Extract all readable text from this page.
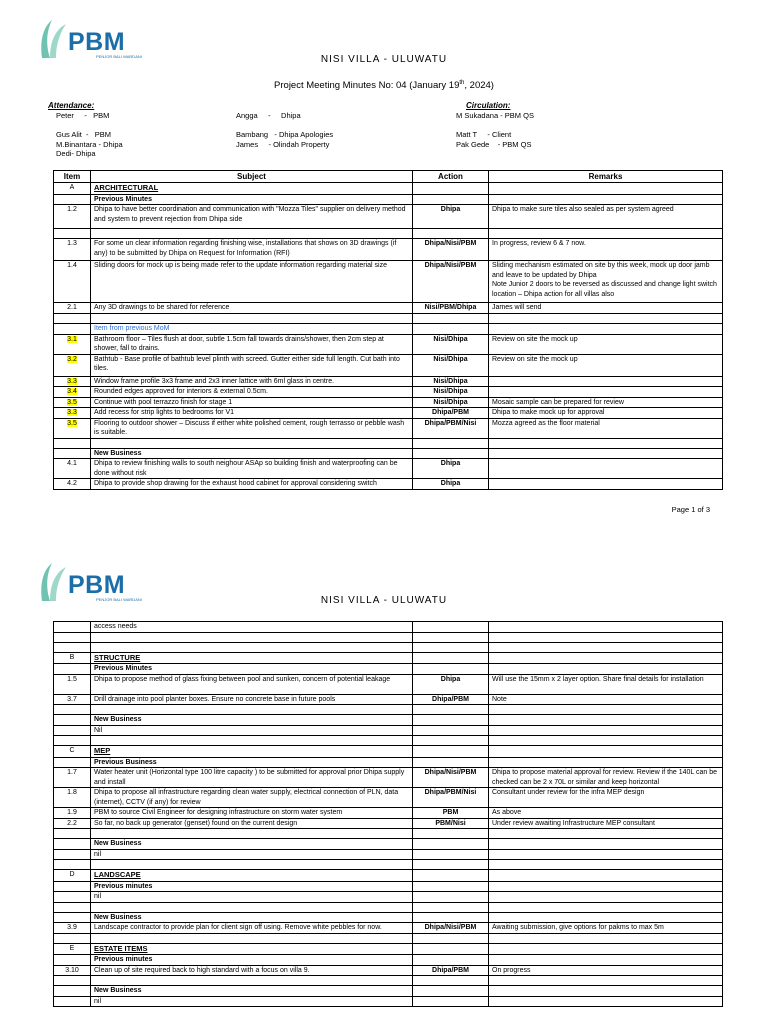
PBM
PENJOR BALI WARDANI	NISI VILLA - ULUWATU
Project Meeting Minutes No: 04 (January 19th, 2024)
Attendance:
Peter     -   PBM

Gus Alit  -   PBM
M.Binantara - Dhipa
Dedi- Dhipa
Angga     -     Dhipa

Bambang   - Dhipa Apologies
James     - Olindah Property
Circulation:
M Sukadana - PBM QS

Matt T     - Client
Pak Gede    - PBM QS
Item	Subject	Action	Remarks
A	ARCHITECTURAL		
	Previous Minutes		
1.2	Dhipa to have better coordination and communication with "Mozza Tiles" supplier on delivery method and system to prevent rejection from Dhipa side	Dhipa	Dhipa to make sure tiles also sealed as per system agreed

1.3	For some un clear information regarding finishing wise, installations that shows on 3D drawings (if any) to be submitted by Dhipa on Request for Information (RFI)	Dhipa/Nisi/PBM	In progress, review 6 & 7 now.
1.4	Sliding doors for mock up is being made refer to the update information regarding material size	Dhipa/Nisi/PBM	Sliding mechanism estimated on site by this week, mock up door jamb and leave to be updated by Dhipa
Note Junior 2 doors to be reversed as discussed and change light switch location – Dhipa action for all villas also
2.1	Any 3D drawings to be shared for reference	Nisi/PBM/Dhipa	James will send

	Item from previous MoM		
3.1	Bathroom floor – Tiles flush at door, subtle 1.5cm fall towards drains/shower, then 2cm step at shower, fall to drains.	Nisi/Dhipa	Review on site the mock up
3.2	Bathtub - Base profile of bathtub level plinth with screed. Gutter either side full length. Cut bath into tiles.	Nisi/Dhipa	Review on site the mock up
3.3	Window frame profile 3x3 frame and 2x3 inner lattice with 6ml glass in centre.	Nisi/Dhipa	
3.4	Rounded edges approved for interiors & external 0.5cm.	Nisi/Dhipa	
3.5	Continue with pool terrazzo finish for stage 1	Nisi/Dhipa	Mosaic sample can be prepared for review
3.3	Add recess for strip lights to bedrooms for V1	Dhipa/PBM	Dhipa to make mock up for approval
3.5	Flooring to outdoor shower – Discuss if either white polished cement, rough terrasso or pebble wash is suitable.	Dhipa/PBM/Nisi	Mozza agreed as the floor material

	New Business		
4.1	Dhipa to review finishing walls to south neighour ASAp so building finish and waterproofing can be done without risk	Dhipa	
4.2	Dhipa to provide shop drawing for the exhaust hood cabinet for approval considering switch	Dhipa	
Page 1 of 3
PBM
PENJOR BALI WARDANI	NISI VILLA - ULUWATU
	access needs		

B	STRUCTURE		
	Previous Minutes		
1.5	Dhipa to propose method of glass fixing between pool and sunken, concern of potential leakage	Dhipa	Will use the 15mm x 2 layer option. Share final details for installation
3.7	Drill drainage into pool planter boxes. Ensure no concrete base in future pools	Dhipa/PBM	Note

	New Business		
	Nil		

C	MEP		
	Previous Business		
1.7	Water heater unit (Horizontal type 100 litre capacity ) to be submitted for approval prior Dhipa supply and install	Dhipa/Nisi/PBM	Dhipa to propose material approval for review. Review if the 140L can be checked can be 2 x 70L or similar and keep horizontal
1.8	Dhipa to propose all infrastructure regarding clean water supply, electrical connection of PLN, data (internet), CCTV (if any) for review	Dhipa/PBM/Nisi	Consultant under review for the infra MEP design
1.9	PBM to source Civil Engineer for designing infrastructure on storm water system	PBM	As above
2.2	So far, no back up generator (genset) found on the current design	PBM/Nisi	Under review awaiting Infrastructure MEP consultant

	New Business		
	nil		

D	LANDSCAPE		
	Previous minutes		
	nil		

	New Business		
3.9	Landscape contractor to provide plan for client sign off using. Remove white pebbles for now.	Dhipa/Nisi/PBM	Awaiting submission, give options for pakms to max 5m

E	ESTATE ITEMS		
	Previous minutes		
3.10	Clean up of site required back to high standard with a focus on villa 9.	Dhipa/PBM	On progress

	New Business		
	nil		
